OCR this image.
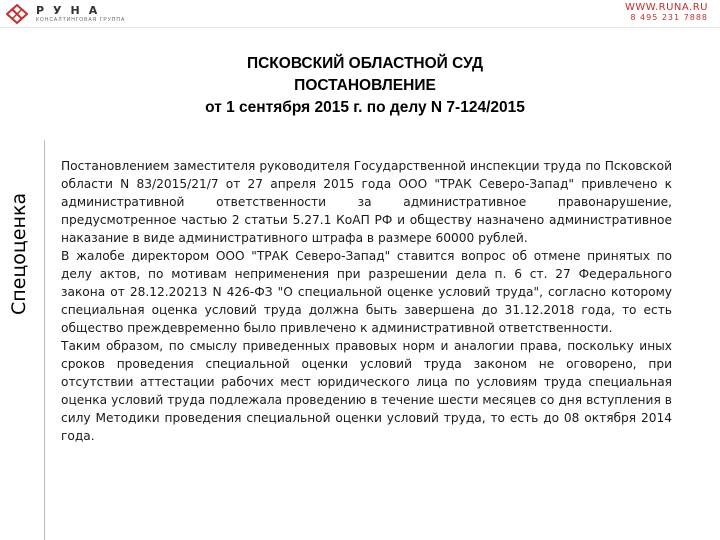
РУНА
КОНСАЛТИНГОВАЯ ГРУППА
WWW.RUNA.RU
8 495 231 7888
Спецоценка
ПСКОВСКИЙ ОБЛАСТНОЙ СУД
ПОСТАНОВЛЕНИЕ
от 1 сентября 2015 г. по делу N 7-124/2015

Постановлением заместителя руководителя Государственной инспекции труда по Псковской области N 83/2015/21/7 от 27 апреля 2015 года ООО "ТРАК Северо-Запад" привлечено к административной ответственности за административное правонарушение, предусмотренное частью 2 статьи 5.27.1 КоАП РФ и обществу назначено административное наказание в виде административного штрафа в размере 60000 рублей.

В жалобе директором ООО "ТРАК Северо-Запад" ставится вопрос об отмене принятых по делу актов, по мотивам неприменения при разрешении дела п. 6 ст. 27 Федерального закона от 28.12.20213 N 426-ФЗ "О специальной оценке условий труда", согласно которому специальная оценка условий труда должна быть завершена до 31.12.2018 года, то есть общество преждевременно было привлечено к административной ответственности.

Таким образом, по смыслу приведенных правовых норм и аналогии права, поскольку иных сроков проведения специальной оценки условий труда законом не оговорено, при отсутствии аттестации рабочих мест юридического лица по условиям труда специальная оценка условий труда подлежала проведению в течение шести месяцев со дня вступления в силу Методики проведения специальной оценки условий труда, то есть до 08 октября 2014 года.
